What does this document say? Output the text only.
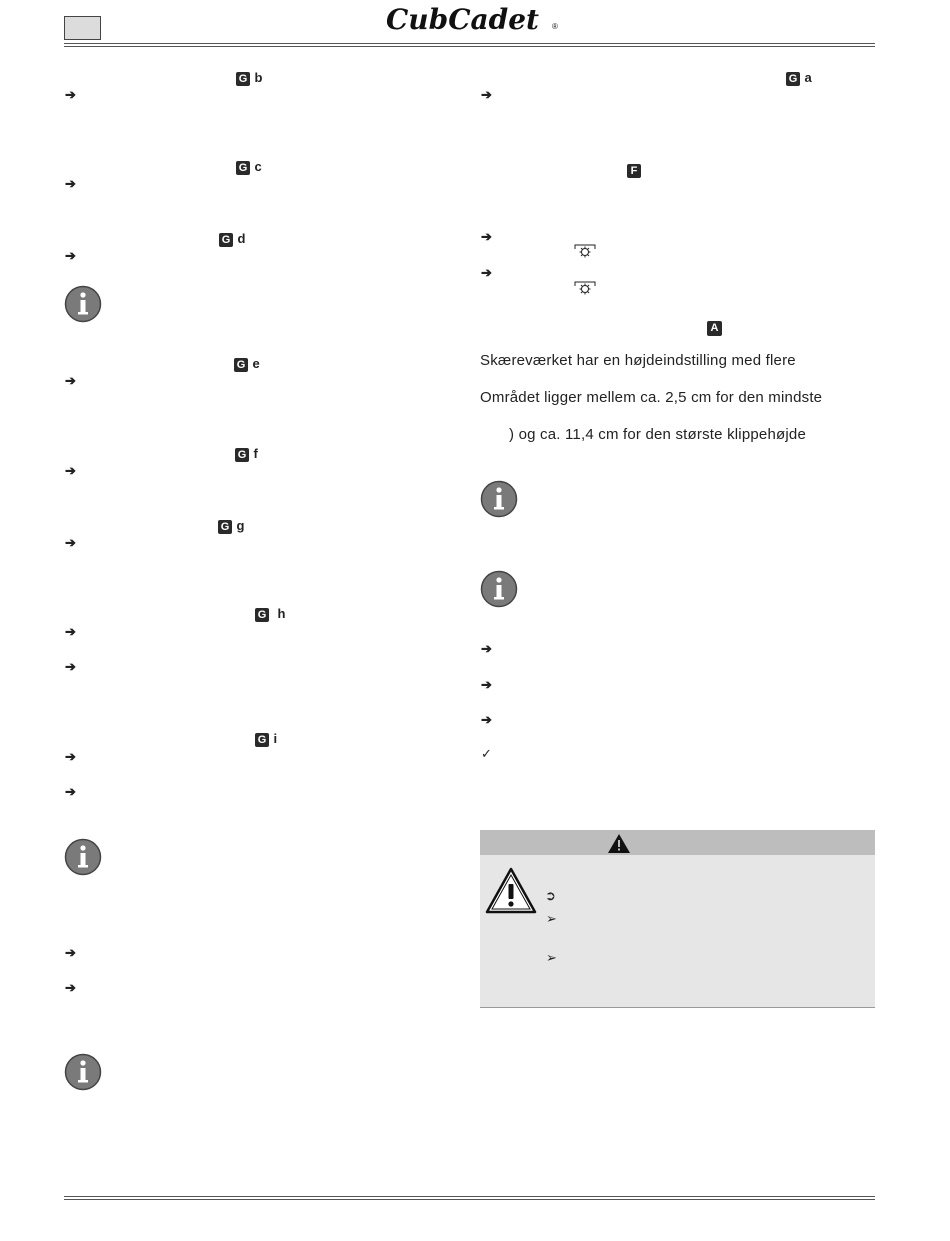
CubCadet ®
G b
➔
G c
➔
G d
➔
G e
➔
G f
➔
G g
➔
G h
➔
➔
G i
➔
➔
➔
➔
G a
➔
F
➔
➔
A
Skæreværket har en højdeindstilling med flere
Området ligger mellem ca. 2,5 cm for den mindste
) og ca. 11,4 cm for den største klippehøjde
➔
➔
➔
✓
➲
➢
➢
